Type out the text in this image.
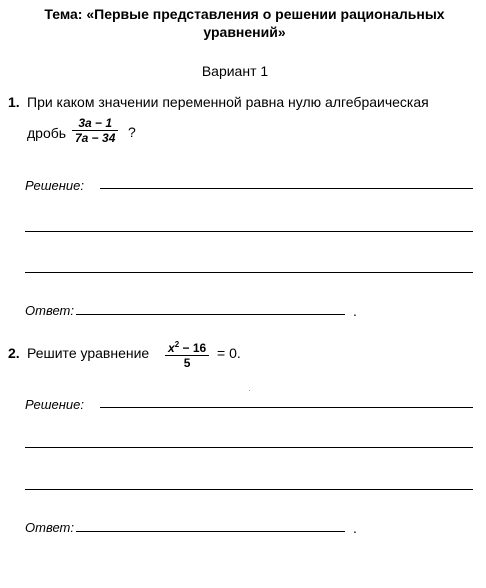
Тема: «Первые представления о решении рациональных уравнений»
Вариант 1
1. При каком значении переменной равна нулю алгебраическая
дробь
3a − 1
7a − 34 ?
Решение:
Ответ:	.
2. Решите уравнение $x^2 - 16$
5
= 0.
Решение:
Ответ:	.
